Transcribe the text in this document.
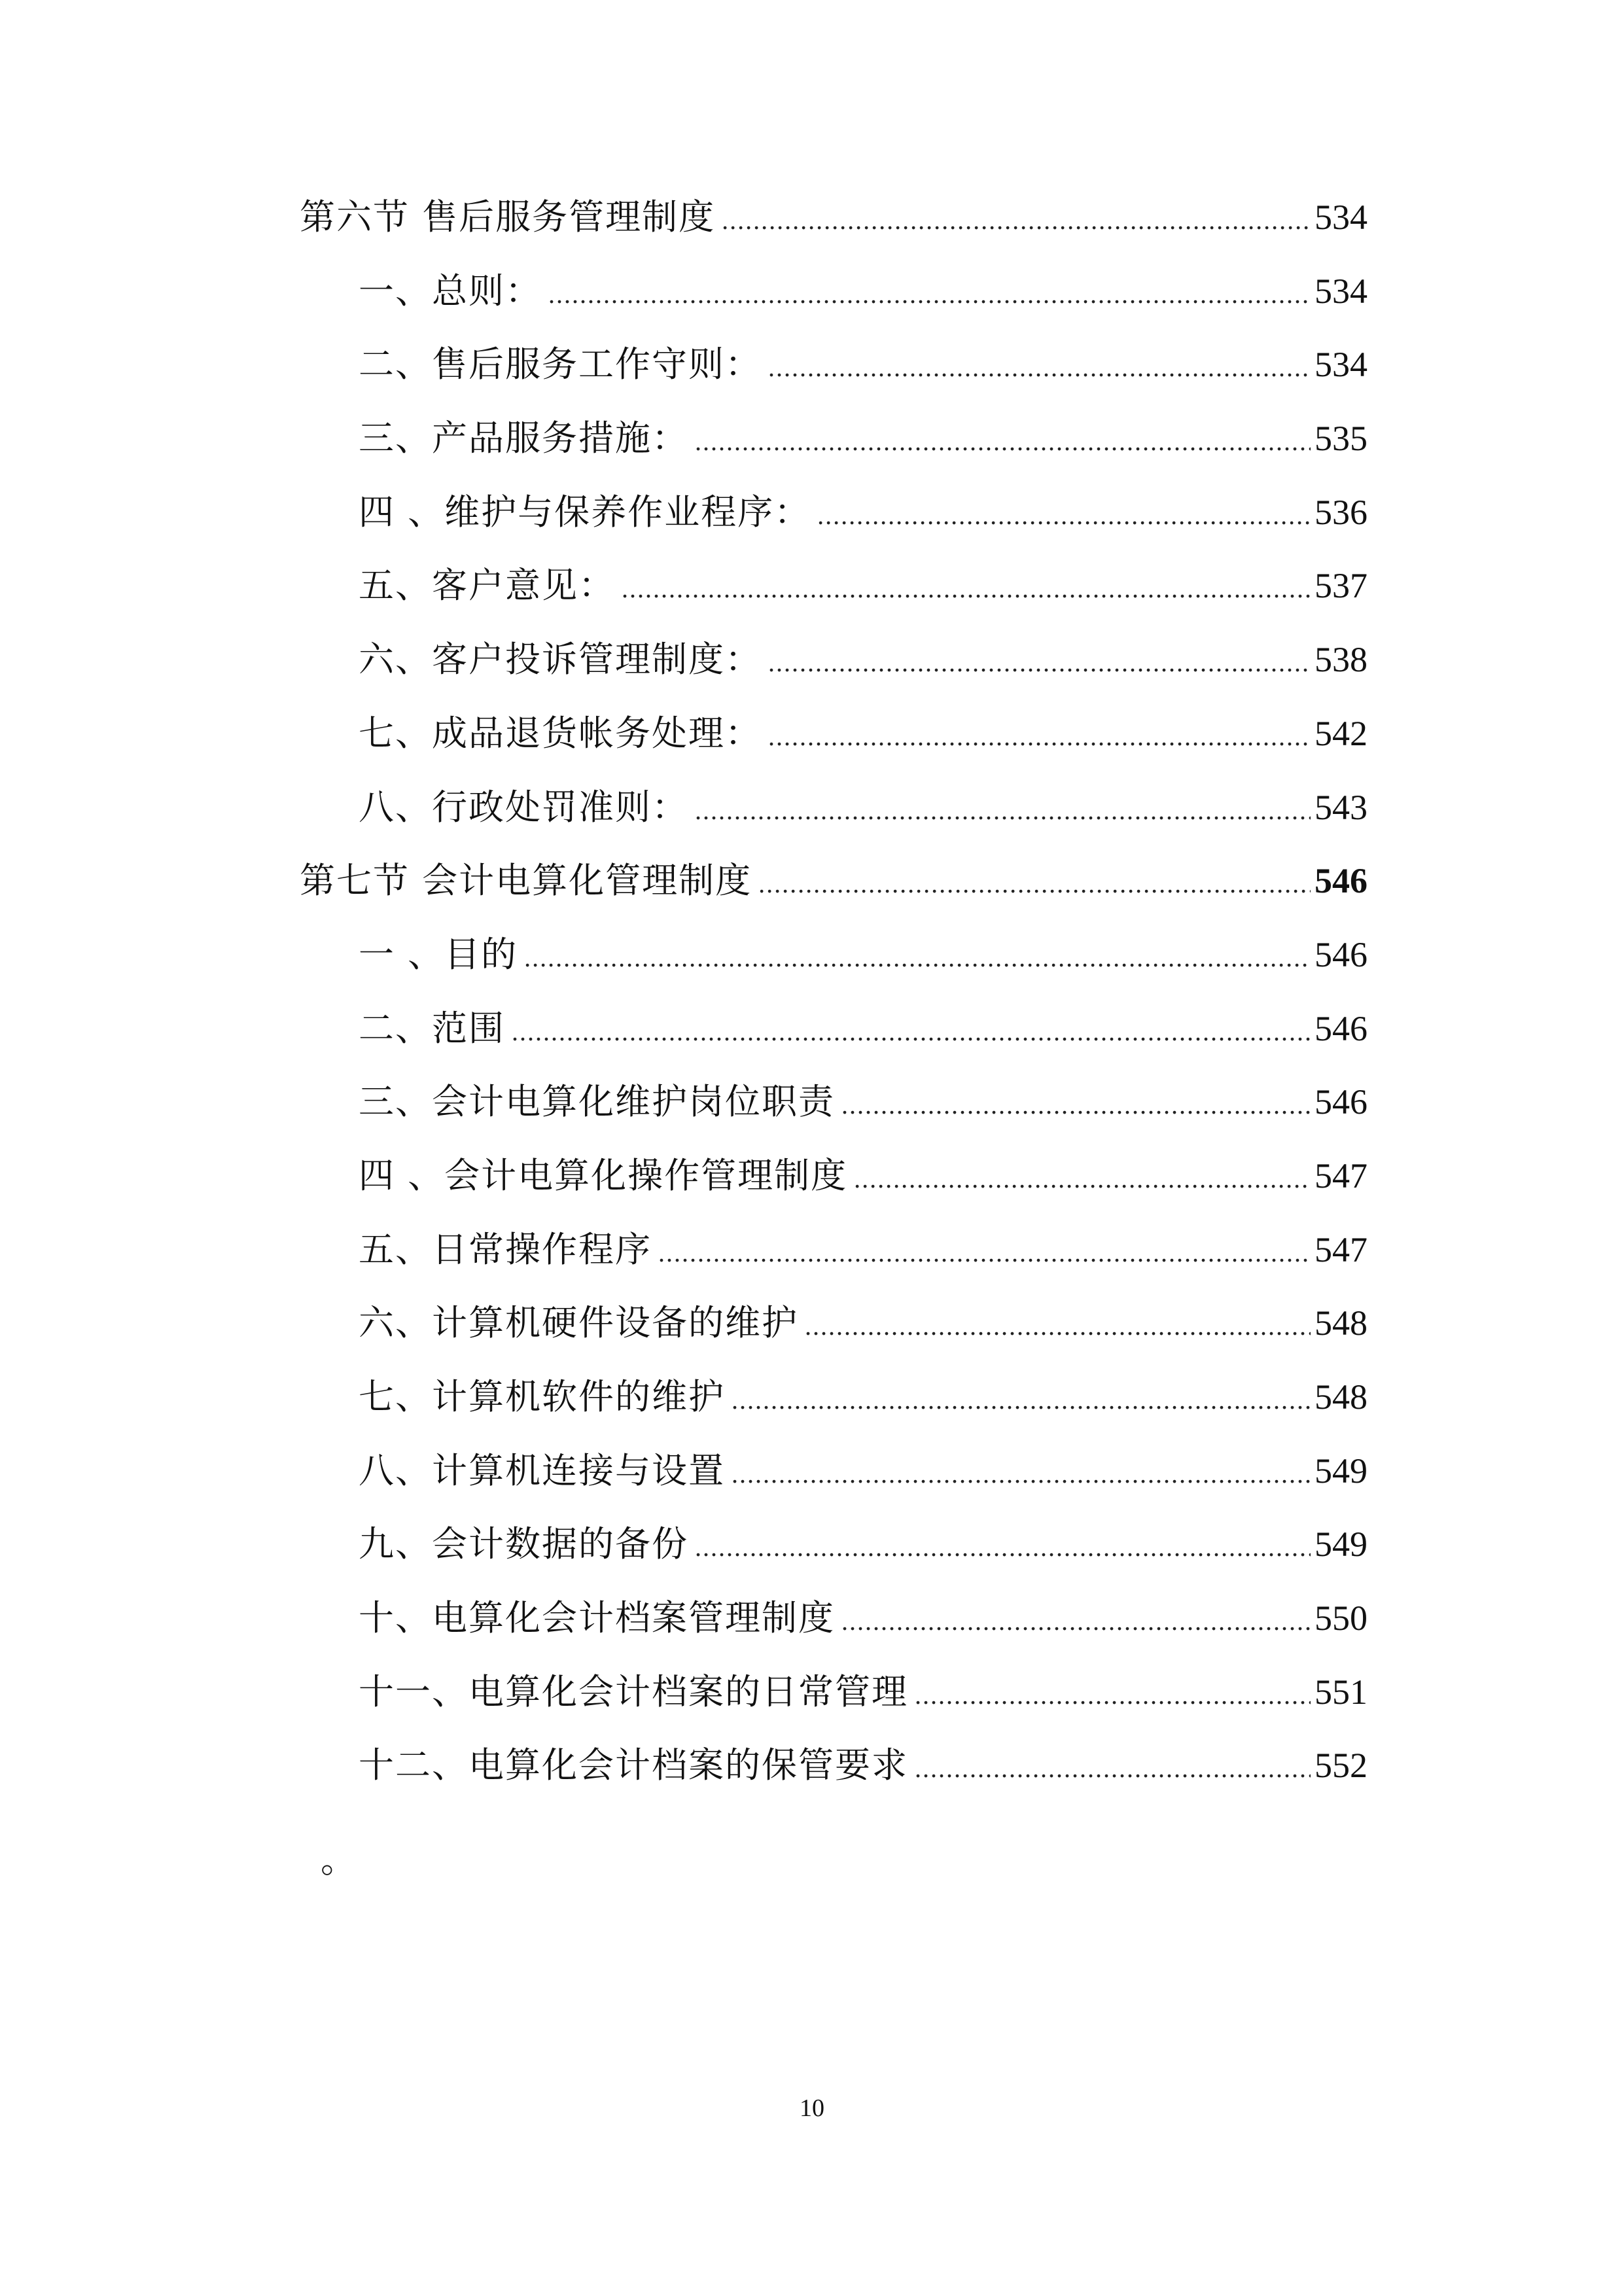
第六节 售后服务管理制度 .....	534
一、总则： .....	534
二、售后服务工作守则： .....	534
三、产品服务措施： .....	535
四 、维护与保养作业程序： .....	536
五、客户意见： .....	537
六、客户投诉管理制度： .....	538
七、成品退货帐务处理： .....	542
八、行政处罚准则： .....	543
第七节 会计电算化管理制度 .....	546
一 、目的 .....	546
二、范围 .....	546
三、会计电算化维护岗位职责 .....	546
四 、会计电算化操作管理制度 .....	547
五、日常操作程序 .....	547
六、计算机硬件设备的维护 .....	548
七、计算机软件的维护 .....	548
八、计算机连接与设置 .....	549
九、会计数据的备份 .....	549
十、电算化会计档案管理制度 .....	550
十一、电算化会计档案的日常管理 .....	551
十二、电算化会计档案的保管要求 .....	552
。
10
